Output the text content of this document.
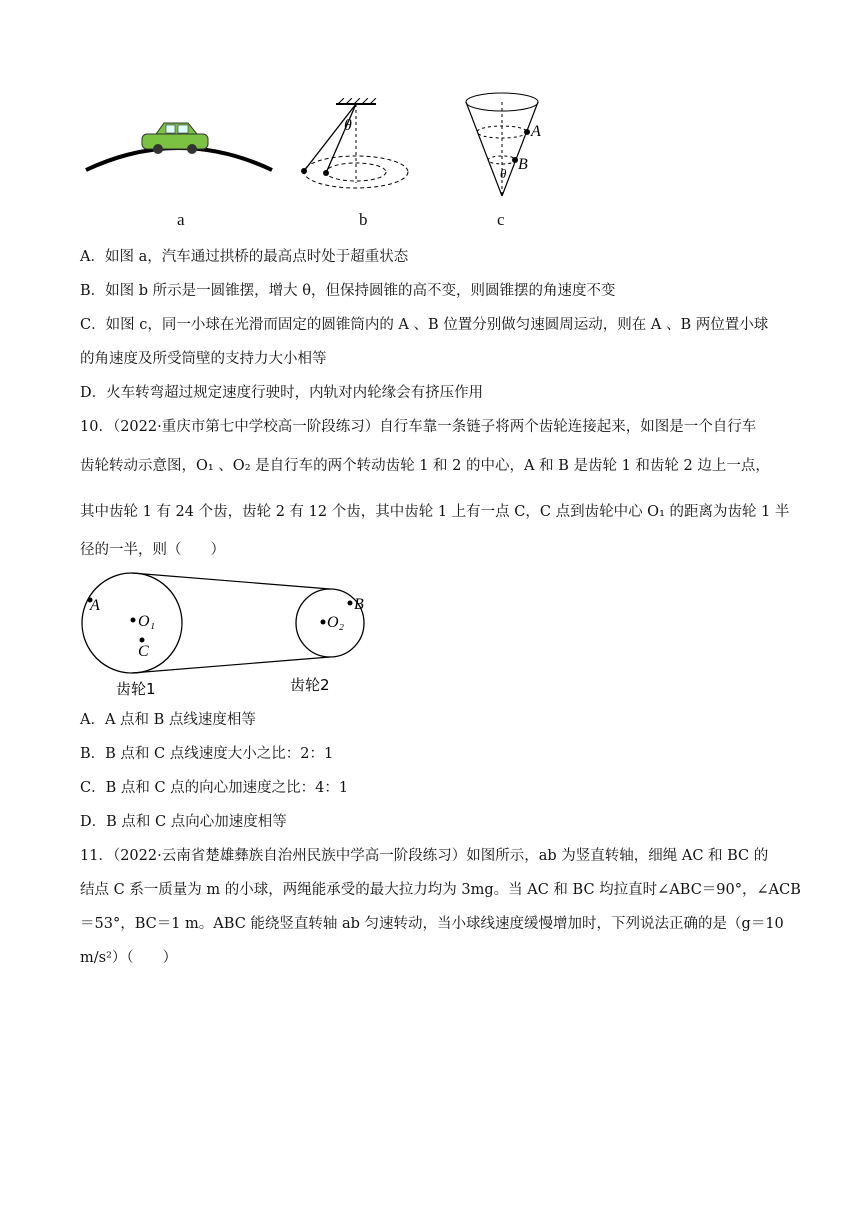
θ	A
B
θ
a	b	c
A．如图 a，汽车通过拱桥的最高点时处于超重状态
B．如图 b 所示是一圆锥摆，增大 θ，但保持圆锥的高不变，则圆锥摆的角速度不变
C．如图 c，同一小球在光滑而固定的圆锥筒内的 A 、B 位置分别做匀速圆周运动，则在 A 、B 两位置小球
的角速度及所受筒壁的支持力大小相等
D．火车转弯超过规定速度行驶时，内轨对内轮缘会有挤压作用
10．（2022·重庆市第七中学校高一阶段练习）自行车靠一条链子将两个齿轮连接起来，如图是一个自行车
齿轮转动示意图，O₁ 、O₂ 是自行车的两个转动齿轮 1 和 2 的中心，A 和 B 是齿轮 1 和齿轮 2 边上一点，
其中齿轮 1 有 24 个齿，齿轮 2 有 12 个齿，其中齿轮 1 上有一点 C，C 点到齿轮中心 O₁ 的距离为齿轮 1 半
径的一半，则（　　）
A
O₁
C
O₂
B
齿轮1	齿轮2
A．A 点和 B 点线速度相等
B．B 点和 C 点线速度大小之比：2：1
C．B 点和 C 点的向心加速度之比：4：1
D．B 点和 C 点向心加速度相等
11．（2022·云南省楚雄彝族自治州民族中学高一阶段练习）如图所示，ab 为竖直转轴，细绳 AC 和 BC 的
结点 C 系一质量为 m 的小球，两绳能承受的最大拉力均为 3mg。当 AC 和 BC 均拉直时∠ABC＝90°，∠ACB
＝53°，BC＝1 m。ABC 能绕竖直转轴 ab 匀速转动，当小球线速度缓慢增加时，下列说法正确的是（g＝10
m/s²）（　　）
